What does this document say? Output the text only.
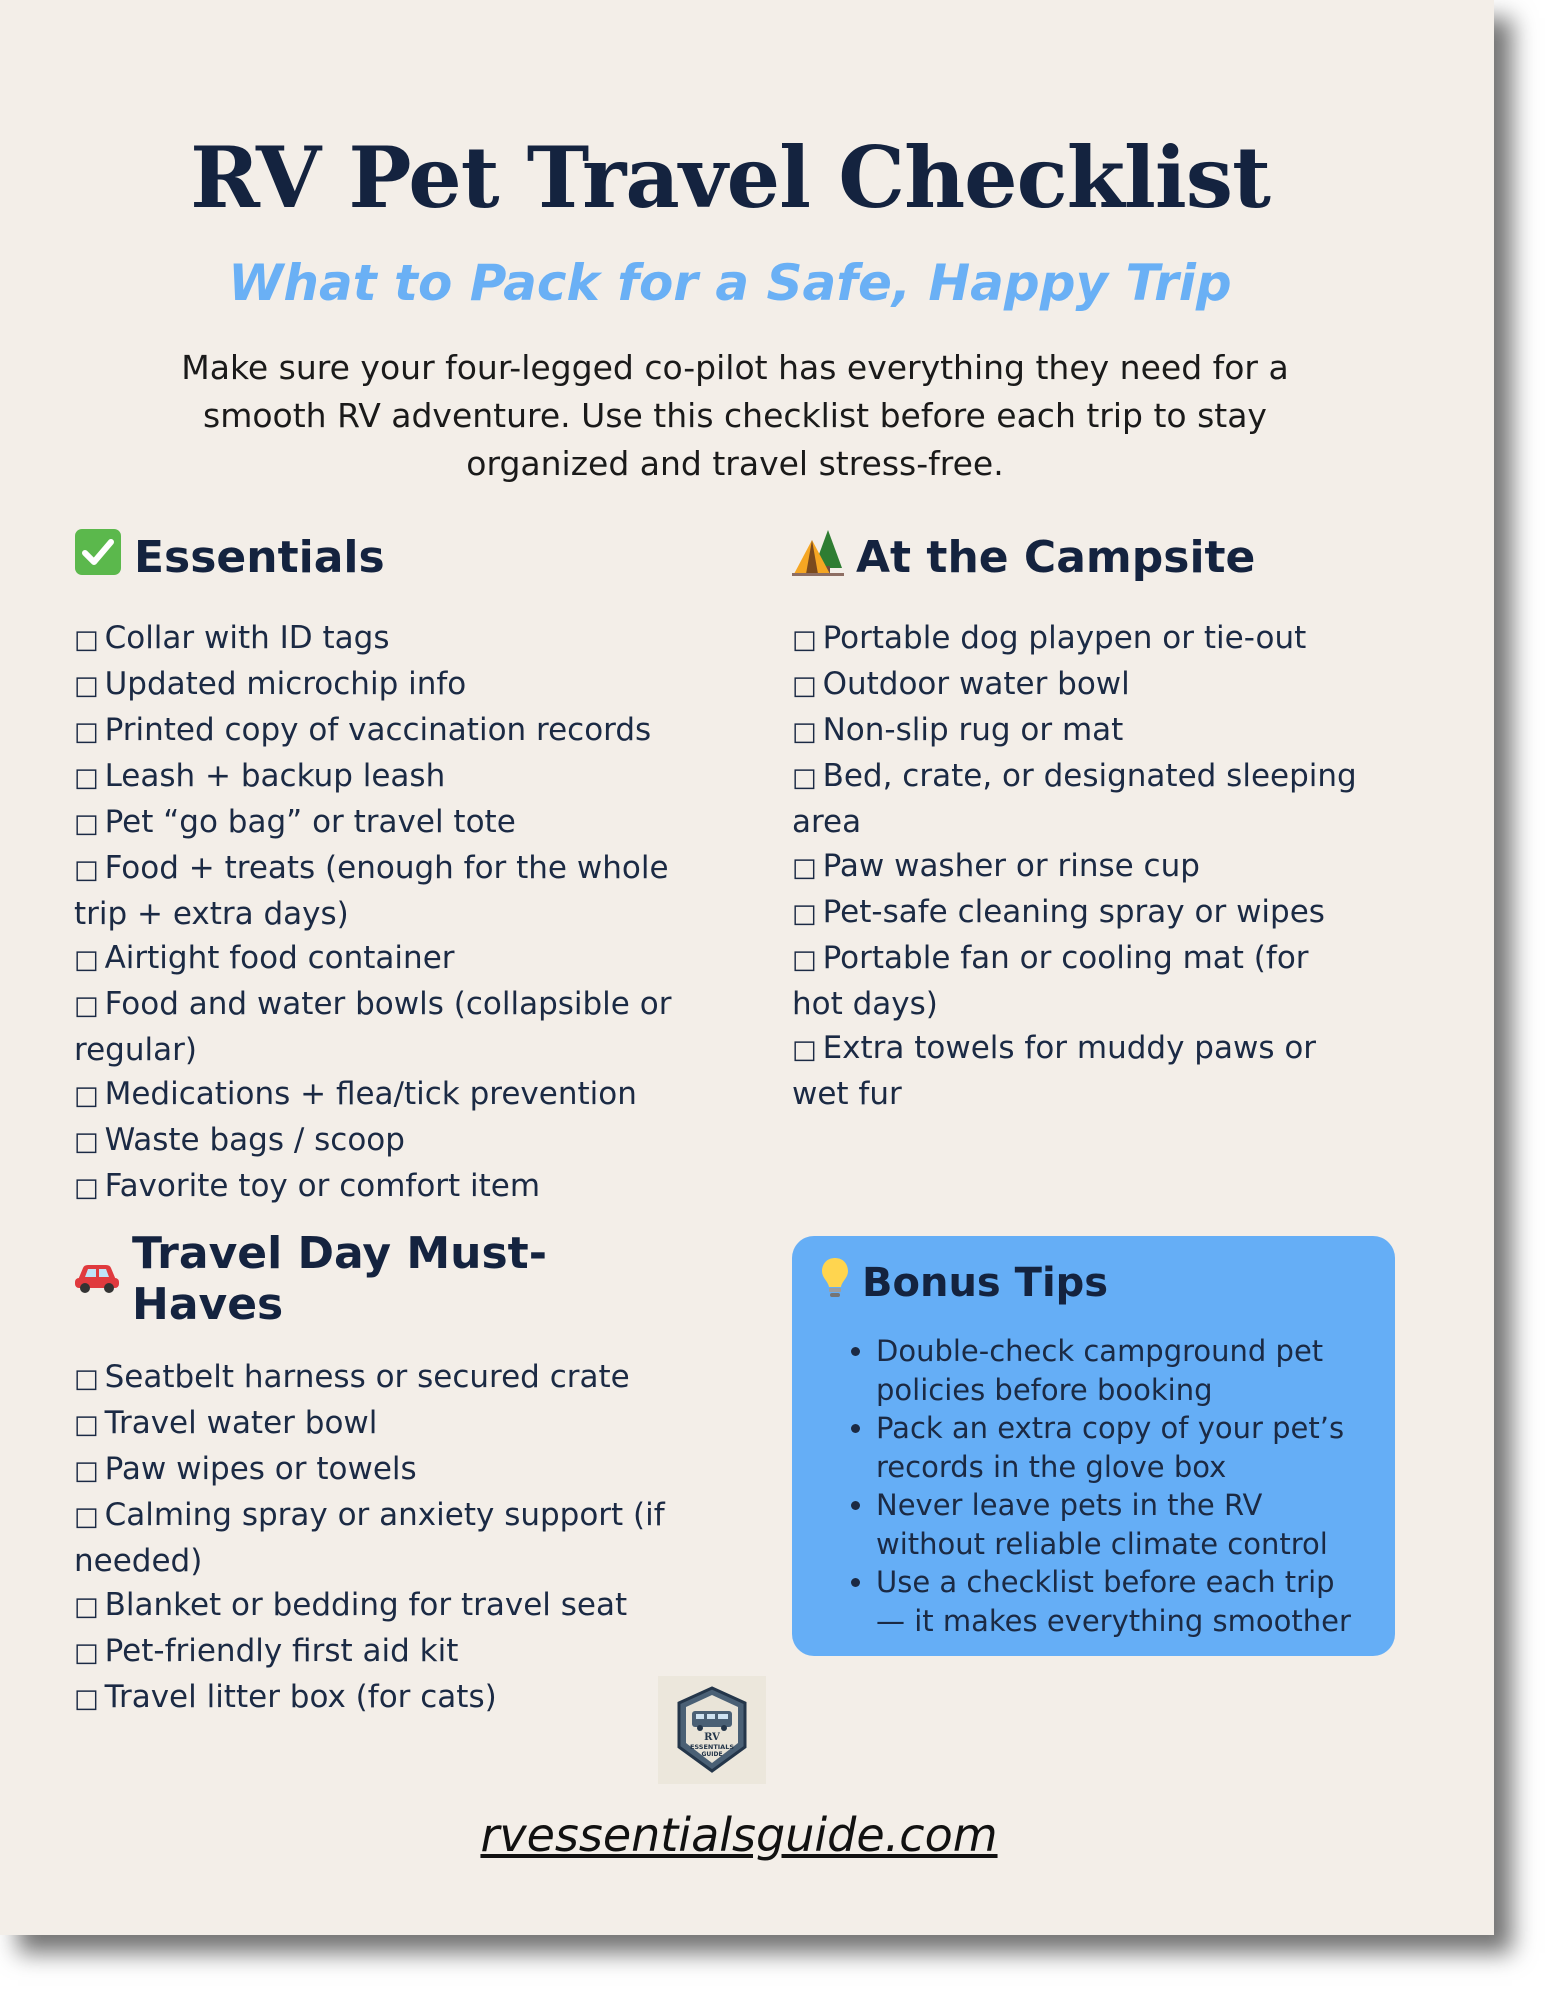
RV Pet Travel Checklist
What to Pack for a Safe, Happy Trip

Make sure your four-legged co-pilot has everything they need for a smooth RV adventure. Use this checklist before each trip to stay organized and travel stress-free.

Essentials
□ Collar with ID tags
□ Updated microchip info
□ Printed copy of vaccination records
□ Leash + backup leash
□ Pet “go bag” or travel tote
□ Food + treats (enough for the whole trip + extra days)
□ Airtight food container
□ Food and water bowls (collapsible or regular)
□ Medications + flea/tick prevention
□ Waste bags / scoop
□ Favorite toy or comfort item
At the Campsite
□ Portable dog playpen or tie-out
□ Outdoor water bowl
□ Non-slip rug or mat
□ Bed, crate, or designated sleeping area
□ Paw washer or rinse cup
□ Pet-safe cleaning spray or wipes
□ Portable fan or cooling mat (for hot days)
□ Extra towels for muddy paws or wet fur
Travel Day Must-Haves
□ Seatbelt harness or secured crate
□ Travel water bowl
□ Paw wipes or towels
□ Calming spray or anxiety support (if needed)
□ Blanket or bedding for travel seat
□ Pet-friendly first aid kit
□ Travel litter box (for cats)
Bonus Tips
• Double-check campground pet policies before booking
• Pack an extra copy of your pet’s records in the glove box
• Never leave pets in the RV without reliable climate control
• Use a checklist before each trip — it makes everything smoother
RV
ESSENTIALS
GUIDE

rvessentialsguide.com
